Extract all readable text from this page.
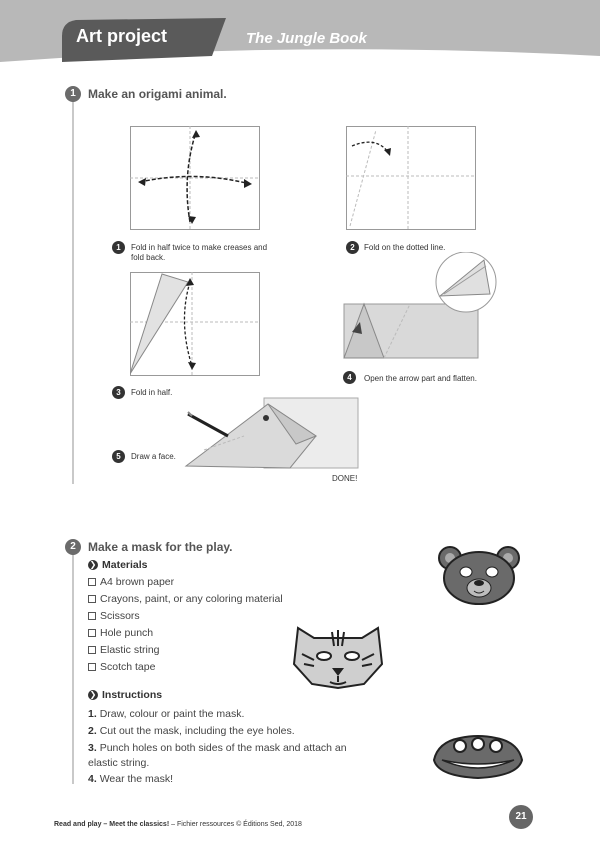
Art project	The Jungle Book
1	Make an origami animal.
1	Fold in half twice to make creases and fold back.
2	Fold on the dotted line.
3	Fold in half.
4	Open the arrow part and flatten.
5	Draw a face.
DONE!
2	Make a mask for the play.
❯ Materials
A4 brown paper
Crayons, paint, or any coloring material
Scissors
Hole punch
Elastic string
Scotch tape
❯ Instructions
1. Draw, colour or paint the mask.
2. Cut out the mask, including the eye holes.
3. Punch holes on both sides of the mask and attach an elastic string.
4. Wear the mask!
Read and play – Meet the classics! – Fichier ressources © Éditions Sed, 2018
21
